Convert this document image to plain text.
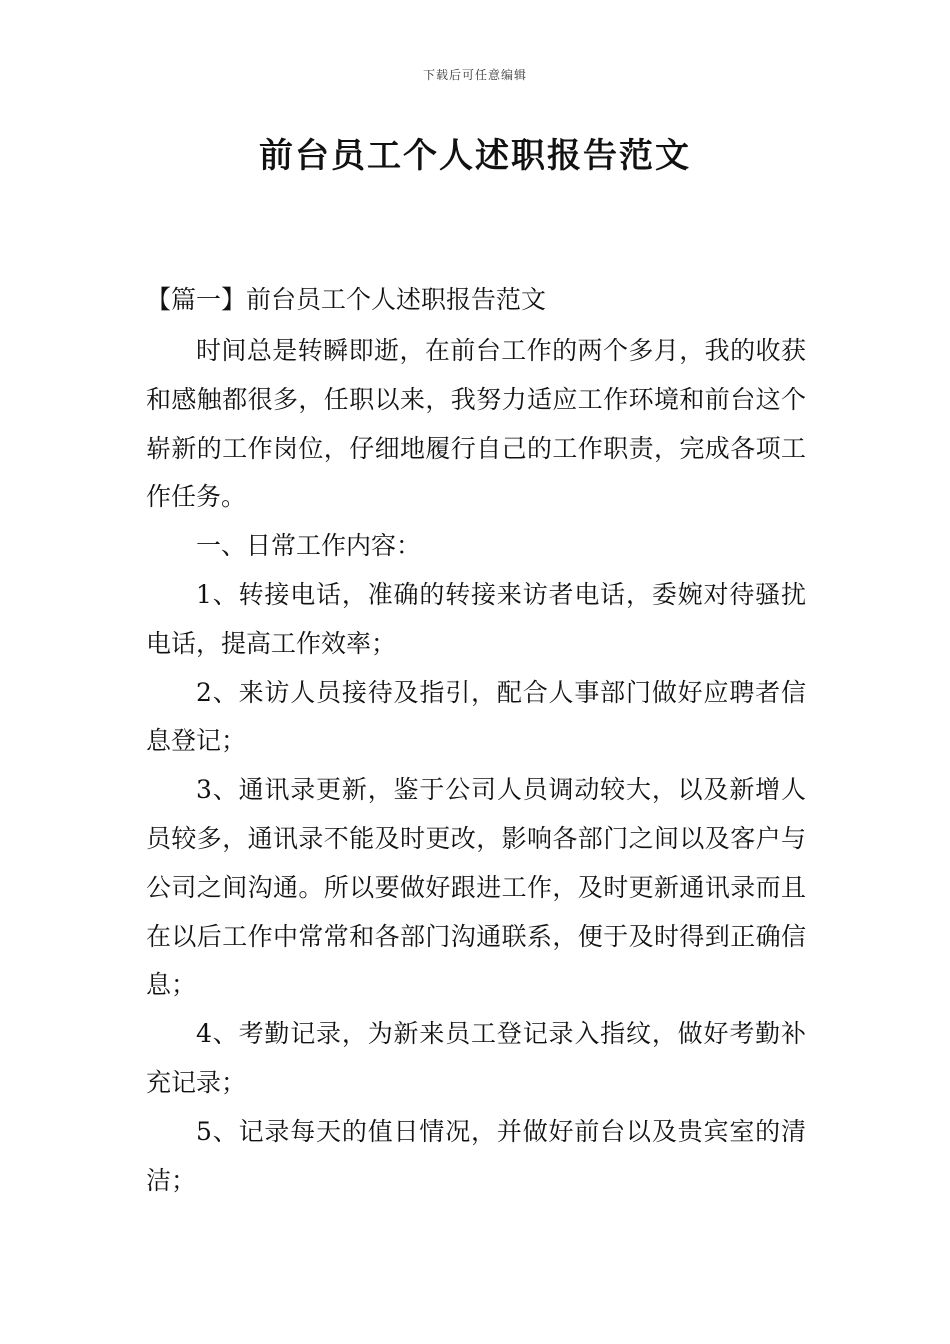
下载后可任意编辑
前台员工个人述职报告范文

【篇一】前台员工个人述职报告范文

时间总是转瞬即逝，在前台工作的两个多月，我的收获和感触都很多，任职以来，我努力适应工作环境和前台这个崭新的工作岗位，仔细地履行自己的工作职责，完成各项工作任务。

一、日常工作内容：

1、转接电话，准确的转接来访者电话，委婉对待骚扰电话，提高工作效率；

2、来访人员接待及指引，配合人事部门做好应聘者信息登记；

3、通讯录更新，鉴于公司人员调动较大，以及新增人员较多，通讯录不能及时更改，影响各部门之间以及客户与公司之间沟通。所以要做好跟进工作，及时更新通讯录而且在以后工作中常常和各部门沟通联系，便于及时得到正确信息；

4、考勤记录，为新来员工登记录入指纹，做好考勤补充记录；

5、记录每天的值日情况，并做好前台以及贵宾室的清洁；
